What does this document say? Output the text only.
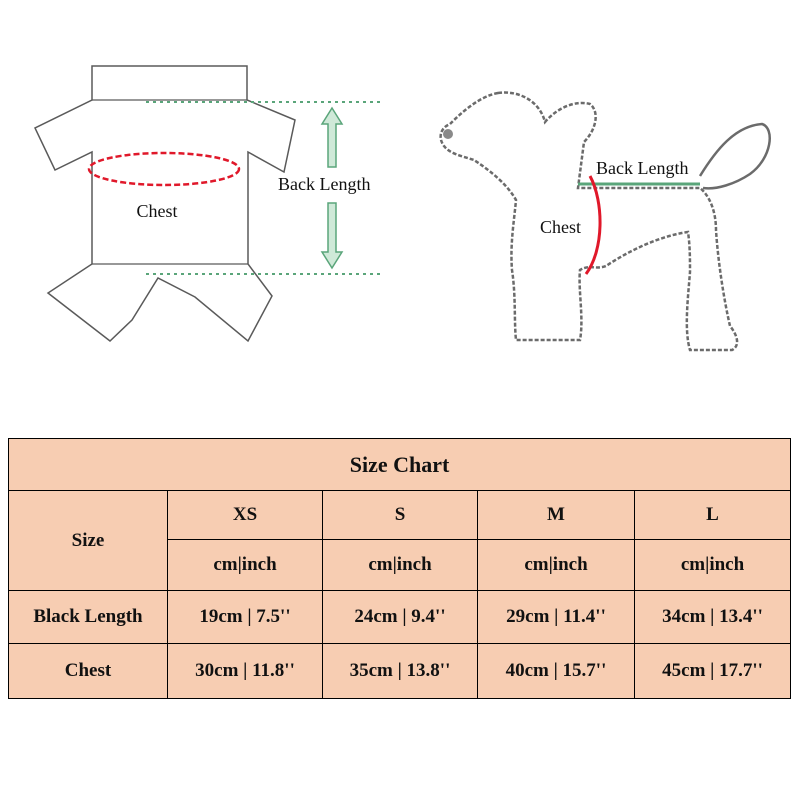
Chest
Back Length
Back Length
Chest
Size Chart				
Size	XS	S	M	L
	cm|inch	cm|inch	cm|inch	cm|inch
Black Length	19cm | 7.5''	24cm | 9.4''	29cm | 11.4''	34cm | 13.4''
Chest	30cm | 11.8''	35cm | 13.8''	40cm | 15.7''	45cm | 17.7''
